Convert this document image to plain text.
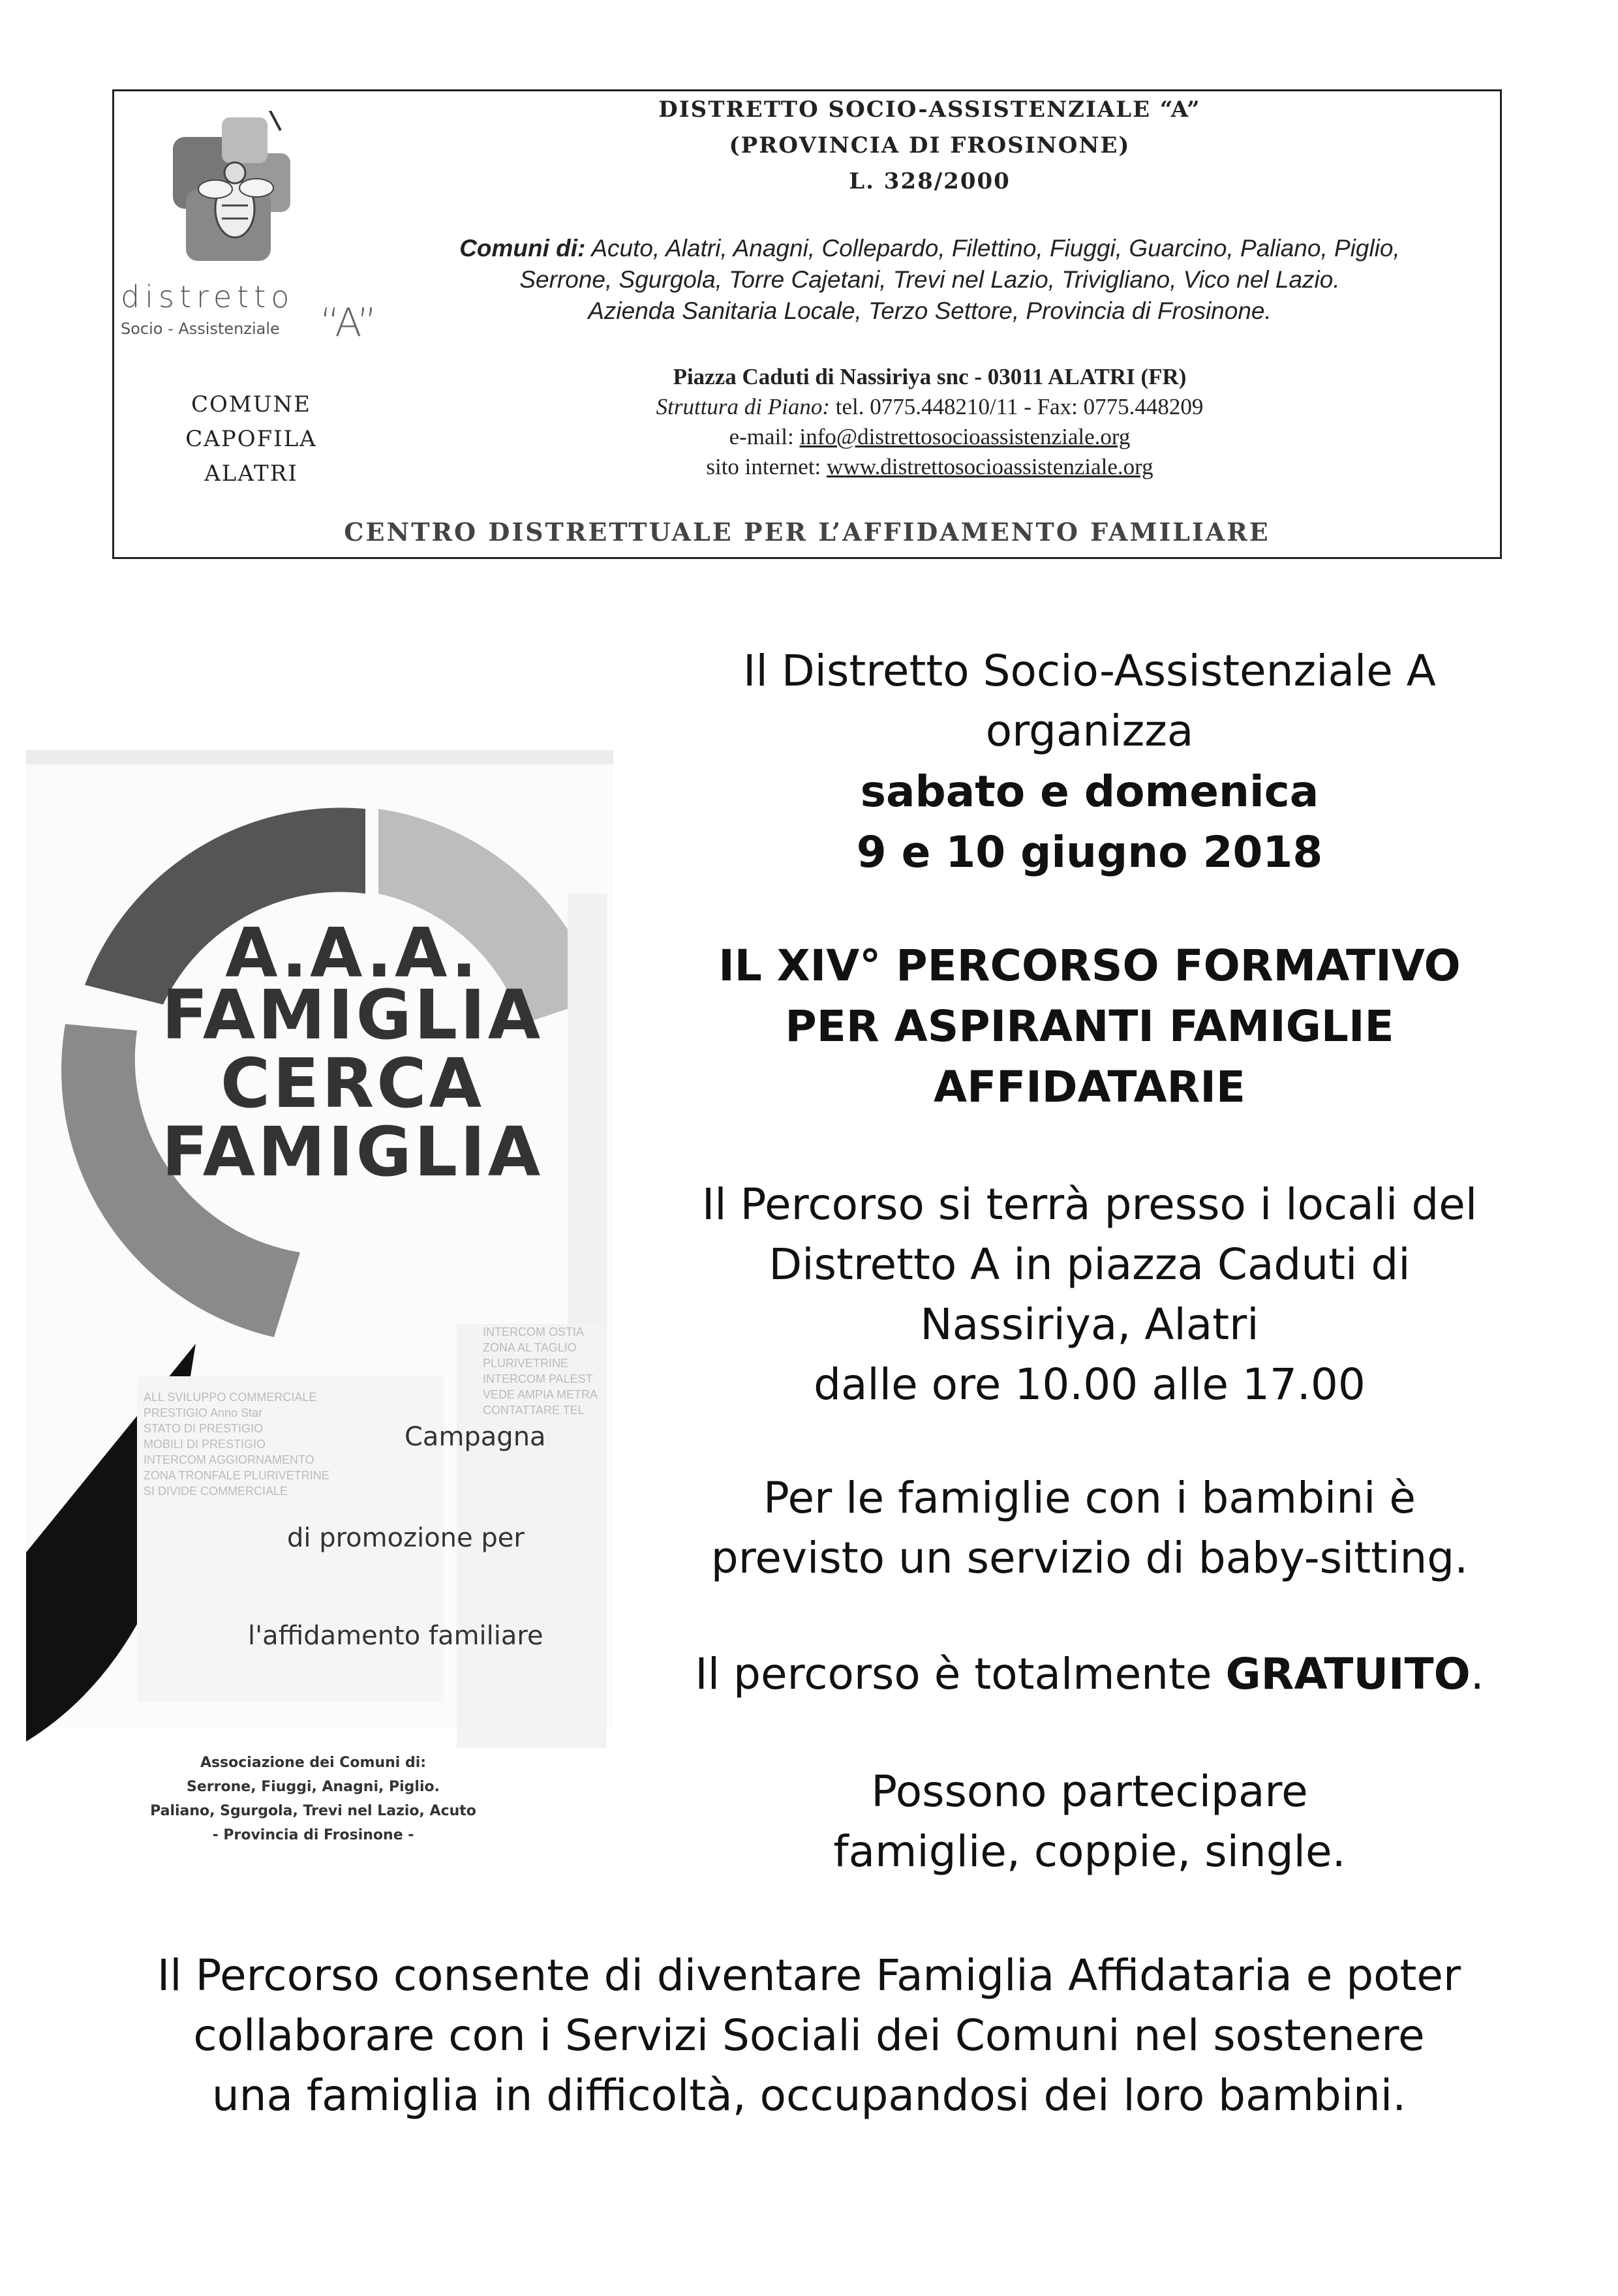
distretto
“A”
Socio - Assistenziale
COMUNE
CAPOFILA
ALATRI
DISTRETTO SOCIO-ASSISTENZIALE “A”
(PROVINCIA DI FROSINONE)
L. 328/2000
Comuni di: Acuto, Alatri, Anagni, Collepardo, Filettino, Fiuggi, Guarcino, Paliano, Piglio,
Serrone, Sgurgola, Torre Cajetani, Trevi nel Lazio, Trivigliano, Vico nel Lazio.
Azienda Sanitaria Locale, Terzo Settore, Provincia di Frosinone.
Piazza Caduti di Nassiriya snc - 03011 ALATRI (FR)
Struttura di Piano: tel. 0775.448210/11 - Fax: 0775.448209
e-mail: info@distrettosocioassistenziale.org
sito internet: www.distrettosocioassistenziale.org
CENTRO DISTRETTUALE PER L’AFFIDAMENTO FAMILIARE
INTERCOM OSTIA
ZONA AL TAGLIO
PLURIVETRINE
INTERCOM PALEST
VEDE AMPIA METRA
CONTATTARE TEL
ALL SVILUPPO COMMERCIALE
PRESTIGIO Anno Star
STATO DI PRESTIGIO
MOBILI DI PRESTIGIO
INTERCOM AGGIORNAMENTO
ZONA TRONFALE PLURIVETRINE
SI DIVIDE COMMERCIALE
A.A.A.
FAMIGLIA
CERCA
FAMIGLIA
Campagna
di promozione per
l'affidamento familiare
Associazione dei Comuni di:
Serrone, Fiuggi, Anagni, Piglio.
Paliano, Sgurgola, Trevi nel Lazio, Acuto
- Provincia di Frosinone -
Il Distretto Socio-Assistenziale A
organizza
sabato e domenica
9 e 10 giugno 2018
IL XIV° PERCORSO FORMATIVO
PER ASPIRANTI FAMIGLIE
AFFIDATARIE
Il Percorso si terrà presso i locali del
Distretto A in piazza Caduti di
Nassiriya, Alatri
dalle ore 10.00 alle 17.00
Per le famiglie con i bambini è
previsto un servizio di baby-sitting.
Il percorso è totalmente GRATUITO.
Possono partecipare
famiglie, coppie, single.
Il Percorso consente di diventare Famiglia Affidataria e poter
collaborare con i Servizi Sociali dei Comuni nel sostenere
una famiglia in difficoltà, occupandosi dei loro bambini.
